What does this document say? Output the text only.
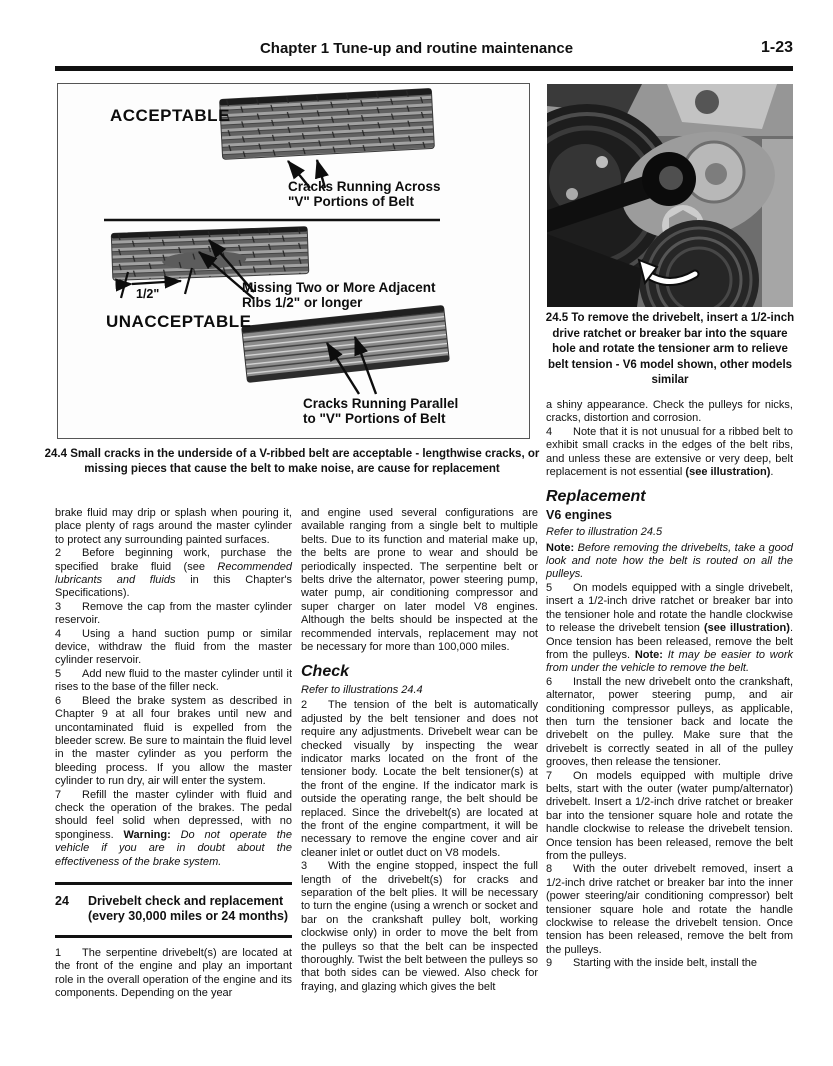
Chapter 1 Tune-up and routine maintenance	1-23
ACCEPTABLE
Cracks Running Across
"V" Portions of Belt
1/2"	Missing Two or More Adjacent
Ribs 1/2" or longer
UNACCEPTABLE
Cracks Running Parallel
to "V" Portions of Belt
24.4 Small cracks in the underside of a V-ribbed belt are acceptable - lengthwise cracks, or missing pieces that cause the belt to make noise, are cause for replacement
24.5 To remove the drivebelt, insert a 1/2-inch drive ratchet or breaker bar into the square hole and rotate the tensioner arm to relieve belt tension - V6 model shown, other models similar

brake fluid may drip or splash when pouring it, place plenty of rags around the master cylinder to protect any surrounding painted surfaces.

2 Before beginning work, purchase the specified brake fluid (see Recommended lubricants and fluids in this Chapter's Specifications).

3 Remove the cap from the master cylinder reservoir.

4 Using a hand suction pump or similar device, withdraw the fluid from the master cylinder reservoir.

5 Add new fluid to the master cylinder until it rises to the base of the filler neck.

6 Bleed the brake system as described in Chapter 9 at all four brakes until new and uncontaminated fluid is expelled from the bleeder screw. Be sure to maintain the fluid level in the master cylinder as you perform the bleeding process. If you allow the master cylinder to run dry, air will enter the system.

7 Refill the master cylinder with fluid and check the operation of the brakes. The pedal should feel solid when depressed, with no sponginess. Warning: Do not operate the vehicle if you are in doubt about the effectiveness of the brake system.

24	Drivebelt check and replacement
(every 30,000 miles or 24 months)

1 The serpentine drivebelt(s) are located at the front of the engine and play an important role in the overall operation of the engine and its components. Depending on the year

and engine used several configurations are available ranging from a single belt to multiple belts. Due to its function and material make up, the belts are prone to wear and should be periodically inspected. The serpentine belt or belts drive the alternator, power steering pump, water pump, air conditioning compressor and super charger on later model V8 engines. Although the belts should be inspected at the recommended intervals, replacement may not be necessary for more than 100,000 miles.

Check
Refer to illustrations 24.4

2 The tension of the belt is automatically adjusted by the belt tensioner and does not require any adjustments. Drivebelt wear can be checked visually by inspecting the wear indicator marks located on the front of the tensioner body. Locate the belt tensioner(s) at the front of the engine. If the indicator mark is outside the operating range, the belt should be replaced. Since the drivebelt(s) are located at the front of the engine compartment, it will be necessary to remove the engine cover and air cleaner inlet or outlet duct on V8 models.

3 With the engine stopped, inspect the full length of the drivebelt(s) for cracks and separation of the belt plies. It will be necessary to turn the engine (using a wrench or socket and bar on the crankshaft pulley bolt, working clockwise only) in order to move the belt from the pulleys so that the belt can be inspected thoroughly. Twist the belt between the pulleys so that both sides can be viewed. Also check for fraying, and glazing which gives the belt

a shiny appearance. Check the pulleys for nicks, cracks, distortion and corrosion.

4 Note that it is not unusual for a ribbed belt to exhibit small cracks in the edges of the belt ribs, and unless these are extensive or very deep, belt replacement is not essential (see illustration).

Replacement
V6 engines
Refer to illustration 24.5

Note: Before removing the drivebelts, take a good look and note how the belt is routed on all the pulleys.

5 On models equipped with a single drivebelt, insert a 1/2-inch drive ratchet or breaker bar into the tensioner hole and rotate the handle clockwise to release the drivebelt tension (see illustration). Once tension has been released, remove the belt from the pulleys. Note: It may be easier to work from under the vehicle to remove the belt.

6 Install the new drivebelt onto the crankshaft, alternator, power steering pump, and air conditioning compressor pulleys, as applicable, then turn the tensioner back and locate the drivebelt on the pulley. Make sure that the drivebelt is correctly seated in all of the pulley grooves, then release the tensioner.

7 On models equipped with multiple drive belts, start with the outer (water pump/alternator) drivebelt. Insert a 1/2-inch drive ratchet or breaker bar into the tensioner square hole and rotate the handle clockwise to release the drivebelt tension. Once tension has been released, remove the belt from the pulleys.

8 With the outer drivebelt removed, insert a 1/2-inch drive ratchet or breaker bar into the inner (power steering/air conditioning compressor) belt tensioner square hole and rotate the handle clockwise to release the drivebelt tension. Once tension has been released, remove the belt from the pulleys.

9 Starting with the inside belt, install the
